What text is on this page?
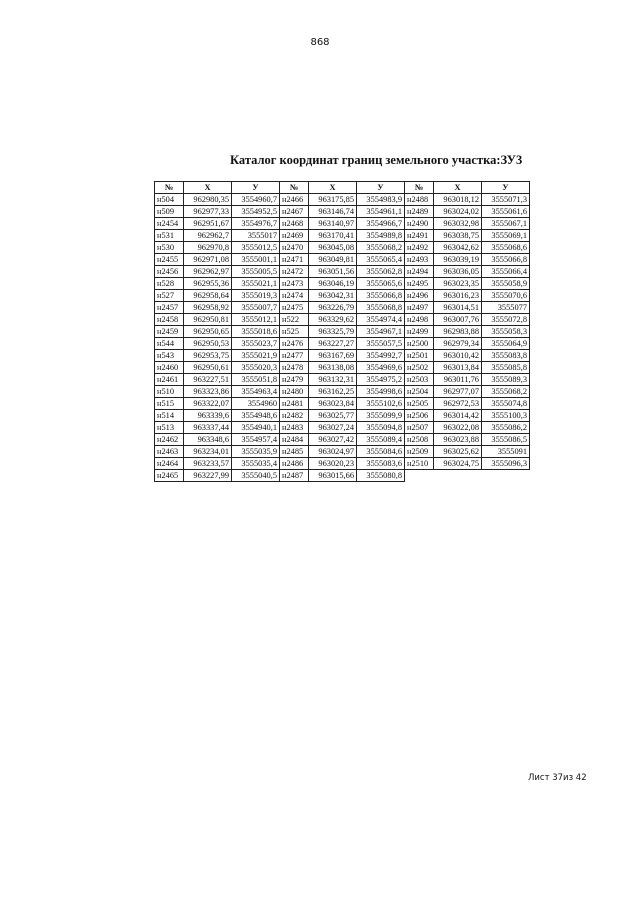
868
Каталог координат границ земельного участка:ЗУ3
№	X	У	№	X	У	№	X	У
н504	962980,35	3554960,7	н2466	963175,85	3554983,9	н2488	963018,12	3555071,3
н509	962977,33	3554952,5	н2467	963146,74	3554961,1	н2489	963024,02	3555061,6
н2454	962951,67	3554976,7	н2468	963140,97	3554966,7	н2490	963032,98	3555067,1
н531	962962,7	3555017	н2469	963170,41	3554989,8	н2491	963038,75	3555069,1
н530	962970,8	3555012,5	н2470	963045,08	3555068,2	н2492	963042,62	3555068,6
н2455	962971,08	3555001,1	н2471	963049,81	3555065,4	н2493	963039,19	3555066,8
н2456	962962,97	3555005,5	н2472	963051,56	3555062,8	н2494	963036,05	3555066,4
н528	962955,36	3555021,1	н2473	963046,19	3555065,6	н2495	963023,35	3555058,9
н527	962958,64	3555019,3	н2474	963042,31	3555066,8	н2496	963016,23	3555070,6
н2457	962958,92	3555007,7	н2475	963226,79	3555068,8	н2497	963014,51	3555077
н2458	962950,81	3555012,1	н522	963329,62	3554974,4	н2498	963007,76	3555072,8
н2459	962950,65	3555018,6	н525	963325,79	3554967,1	н2499	962983,88	3555058,3
н544	962950,53	3555023,7	н2476	963227,27	3555057,5	н2500	962979,34	3555064,9
н543	962953,75	3555021,9	н2477	963167,69	3554992,7	н2501	963010,42	3555083,8
н2460	962950,61	3555020,3	н2478	963138,08	3554969,6	н2502	963013,84	3555085,8
н2461	963227,51	3555051,8	н2479	963132,31	3554975,2	н2503	963011,76	3555089,3
н510	963323,86	3554963,4	н2480	963162,25	3554998,6	н2504	962977,07	3555068,2
н515	963322,07	3554960	н2481	963023,84	3555102,6	н2505	962972,53	3555074,8
н514	963339,6	3554948,6	н2482	963025,77	3555099,9	н2506	963014,42	3555100,3
н513	963337,44	3554940,1	н2483	963027,24	3555094,8	н2507	963022,08	3555086,2
н2462	963348,6	3554957,4	н2484	963027,42	3555089,4	н2508	963023,88	3555086,5
н2463	963234,01	3555035,9	н2485	963024,97	3555084,6	н2509	963025,62	3555091
н2464	963233,57	3555035,4	н2486	963020,23	3555083,6	н2510	963024,75	3555096,3
н2465	963227,99	3555040,5	н2487	963015,66	3555080,8			
Лист 37из 42
